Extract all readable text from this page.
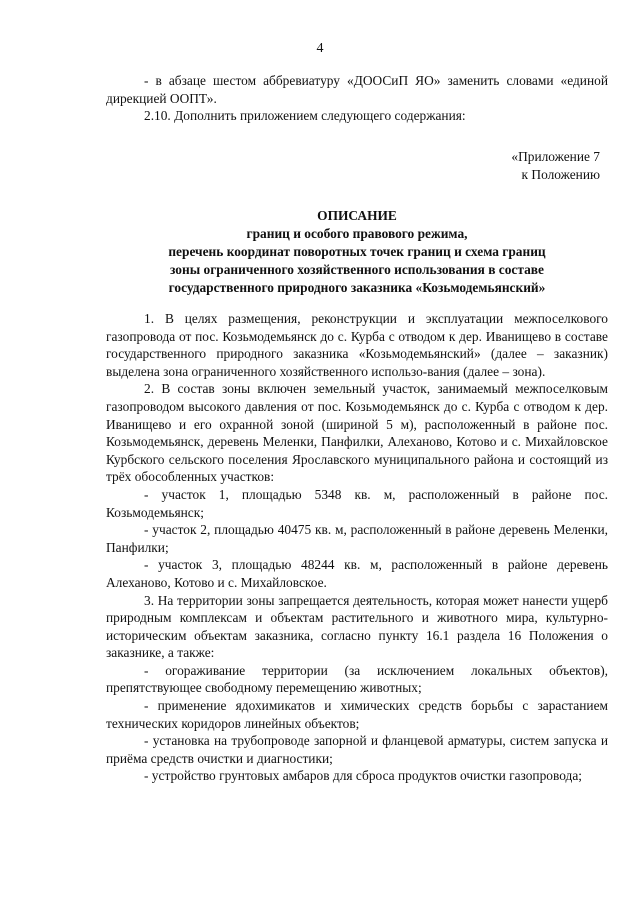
4

- в абзаце шестом аббревиатуру «ДООСиП ЯО» заменить словами «единой дирекцией ООПТ».

2.10. Дополнить приложением следующего содержания:

«Приложение 7
к Положению
ОПИСАНИЕ
границ и особого правового режима,
перечень координат поворотных точек границ и схема границ
зоны ограниченного хозяйственного использования в составе
государственного природного заказника «Козьмодемьянский»

1. В целях размещения, реконструкции и эксплуатации межпоселкового газопровода от пос. Козьмодемьянск до с. Курба с отводом к дер. Иванищево в составе государственного природного заказника «Козьмодемьянский» (далее – заказник) выделена зона ограниченного хозяйственного использо-вания (далее – зона).

2. В состав зоны включен земельный участок, занимаемый межпоселковым газопроводом высокого давления от пос. Козьмодемьянск до с. Курба с отводом к дер. Иванищево и его охранной зоной (шириной 5 м), расположенный в районе пос. Козьмодемьянск, деревень Меленки, Панфилки, Алеханово, Котово и с. Михайловское Курбского сельского поселения Ярославского муниципального района и состоящий из трёх обособленных участков:

- участок 1, площадью 5348 кв. м, расположенный в районе пос. Козьмодемьянск;

- участок 2, площадью 40475 кв. м, расположенный в районе деревень Меленки, Панфилки;

- участок 3, площадью 48244 кв. м, расположенный в районе деревень Алеханово, Котово и с. Михайловское.

3. На территории зоны запрещается деятельность, которая может нанести ущерб природным комплексам и объектам растительного и животного мира, культурно-историческим объектам заказника, согласно пункту 16.1 раздела 16 Положения о заказнике, а также:

- огораживание территории (за исключением локальных объектов), препятствующее свободному перемещению животных;

- применение ядохимикатов и химических средств борьбы с зарастанием технических коридоров линейных объектов;

- установка на трубопроводе запорной и фланцевой арматуры, систем запуска и приёма средств очистки и диагностики;

- устройство грунтовых амбаров для сброса продуктов очистки газопровода;
